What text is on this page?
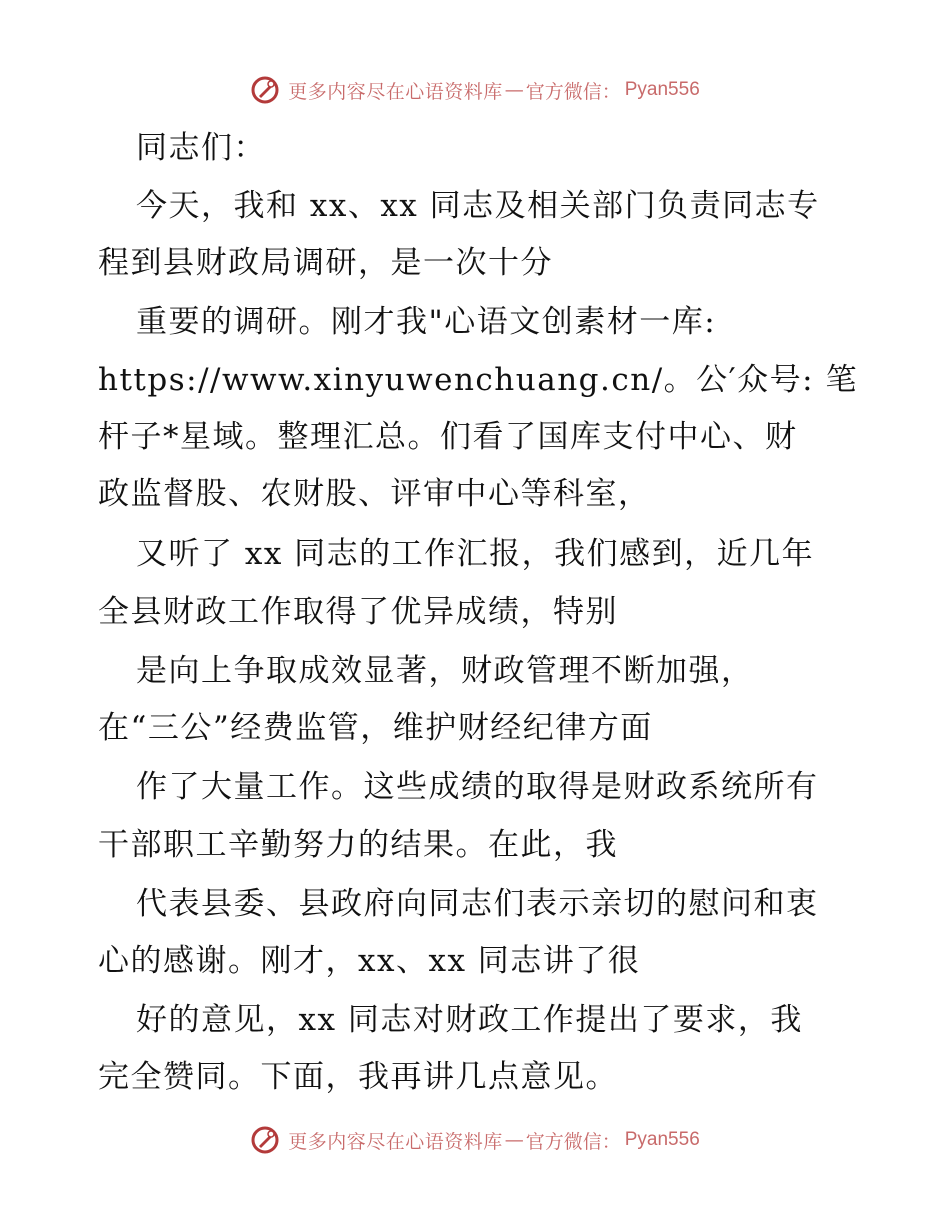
更多内容尽在心语资料库 — 官方微信： Pyan556
同志们：
今天，我和 xx、xx 同志及相关部门负责同志专
程到县财政局调研，是一次十分
重要的调研。刚才我"心语文创素材一库:
https://www.xinyuwenchuang.cn/。公′众号: 笔
杆子*星域。整理汇总。们看了国库支付中心、财
政监督股、农财股、评审中心等科室，
又听了 xx 同志的工作汇报，我们感到，近几年
全县财政工作取得了优异成绩，特别
是向上争取成效显著，财政管理不断加强，
在“三公”经费监管，维护财经纪律方面
作了大量工作。这些成绩的取得是财政系统所有
干部职工辛勤努力的结果。在此，我
代表县委、县政府向同志们表示亲切的慰问和衷
心的感谢。刚才，xx、xx 同志讲了很
好的意见，xx 同志对财政工作提出了要求，我
完全赞同。下面，我再讲几点意见。
更多内容尽在心语资料库 — 官方微信： Pyan556
